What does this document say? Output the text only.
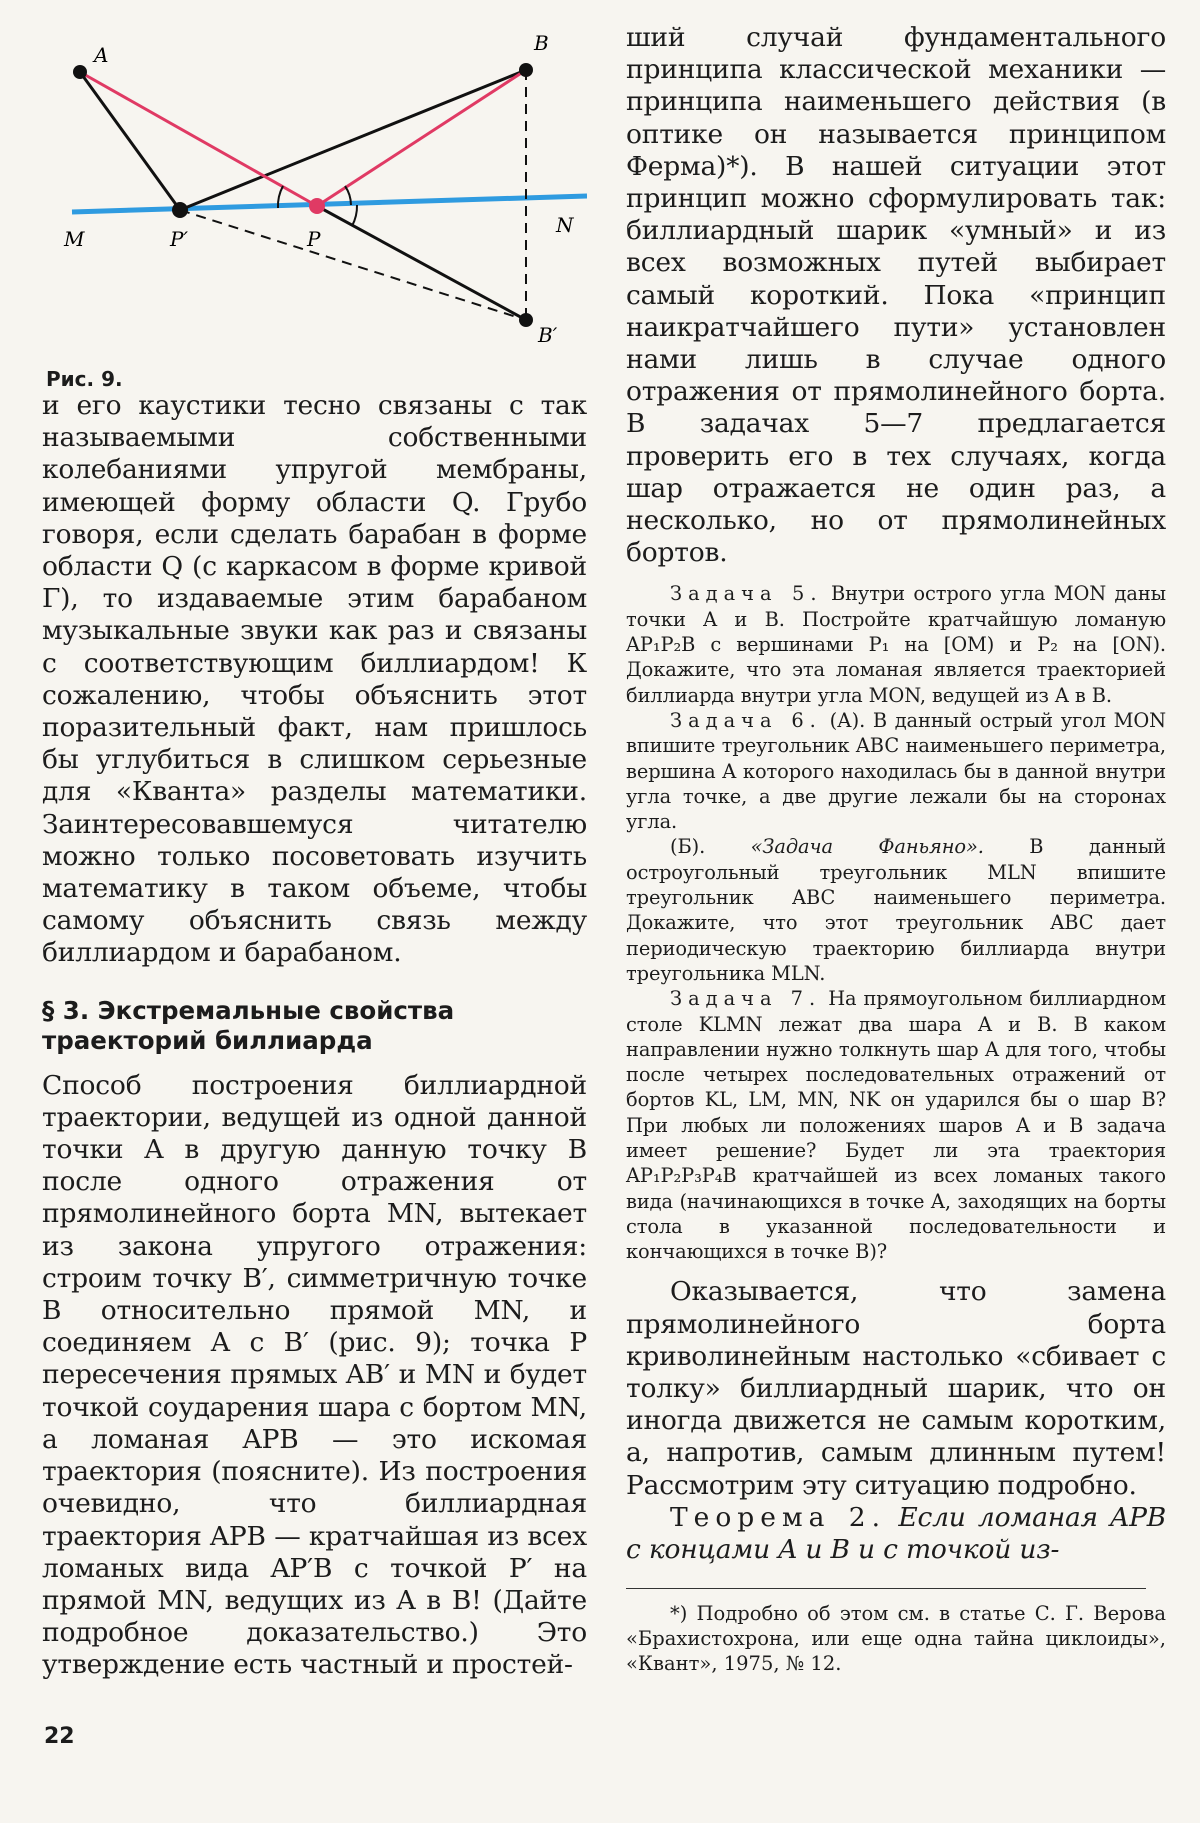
A	B
M
N
P′	P
B′
Рис. 9.

и его каустики тесно связаны с так называемыми собственными колебаниями упругой мембраны, имеющей форму области Q. Грубо говоря, если сделать барабан в форме области Q (с каркасом в форме кривой Γ), то издаваемые этим барабаном музыкальные звуки как раз и связаны с соответствующим биллиардом! К сожалению, чтобы объяснить этот поразительный факт, нам пришлось бы углубиться в слишком серьезные для «Кванта» разделы математики. Заинтересовавшемуся читателю можно только посоветовать изучить математику в таком объеме, чтобы самому объяснить связь между биллиардом и барабаном.

§ 3. Экстремальные свойства траекторий биллиарда

Способ построения биллиардной траектории, ведущей из одной данной точки A в другую данную точку B после одного отражения от прямолинейного борта MN, вытекает из закона упругого отражения: строим точку B′, симметричную точке B относительно прямой MN, и соединяем A с B′ (рис. 9); точка P пересечения прямых AB′ и MN и будет точкой соударения шара с бортом MN, а ломаная APB — это искомая траектория (поясните). Из построения очевидно, что биллиардная траектория APB — кратчайшая из всех ломаных вида AP′B с точкой P′ на прямой MN, ведущих из A в B! (Дайте подробное доказательство.) Это утверждение есть частный и простей-

ший случай фундаментального принципа классической механики — принципа наименьшего действия (в оптике он называется принципом Ферма)*). В нашей ситуации этот принцип можно сформулировать так: биллиардный шарик «умный» и из всех возможных путей выбирает самый короткий. Пока «принцип наикратчайшего пути» установлен нами лишь в случае одного отражения от прямолинейного борта. В задачах 5—7 предлагается проверить его в тех случаях, когда шар отражается не один раз, а несколько, но от прямолинейных бортов.

Задача 5. Внутри острого угла MON даны точки A и B. Постройте кратчайшую ломаную AP₁P₂B с вершинами P₁ на [OM) и P₂ на [ON). Докажите, что эта ломаная является траекторией биллиарда внутри угла MON, ведущей из A в B.

Задача 6. (А). В данный острый угол MON впишите треугольник ABC наименьшего периметра, вершина A которого находилась бы в данной внутри угла точке, а две другие лежали бы на сторонах угла.

(Б). «Задача Фаньяно». В данный остроугольный треугольник MLN впишите треугольник ABC наименьшего периметра. Докажите, что этот треугольник ABC дает периодическую траекторию биллиарда внутри треугольника MLN.

Задача 7. На прямоугольном биллиардном столе KLMN лежат два шара A и B. В каком направлении нужно толкнуть шар A для того, чтобы после четырех последовательных отражений от бортов KL, LM, MN, NK он ударился бы о шар B? При любых ли положениях шаров A и B задача имеет решение? Будет ли эта траектория AP₁P₂P₃P₄B кратчайшей из всех ломаных такого вида (начинающихся в точке A, заходящих на борты стола в указанной последовательности и кончающихся в точке B)?

Оказывается, что замена прямолинейного борта криволинейным настолько «сбивает с толку» биллиардный шарик, что он иногда движется не самым коротким, а, напротив, самым длинным путем! Рассмотрим эту ситуацию подробно.

Теорема 2. Если ломаная APB с концами A и B и с точкой из-

*) Подробно об этом см. в статье С. Г. Верова «Брахистохрона, или еще одна тайна циклоиды», «Квант», 1975, № 12.

22
